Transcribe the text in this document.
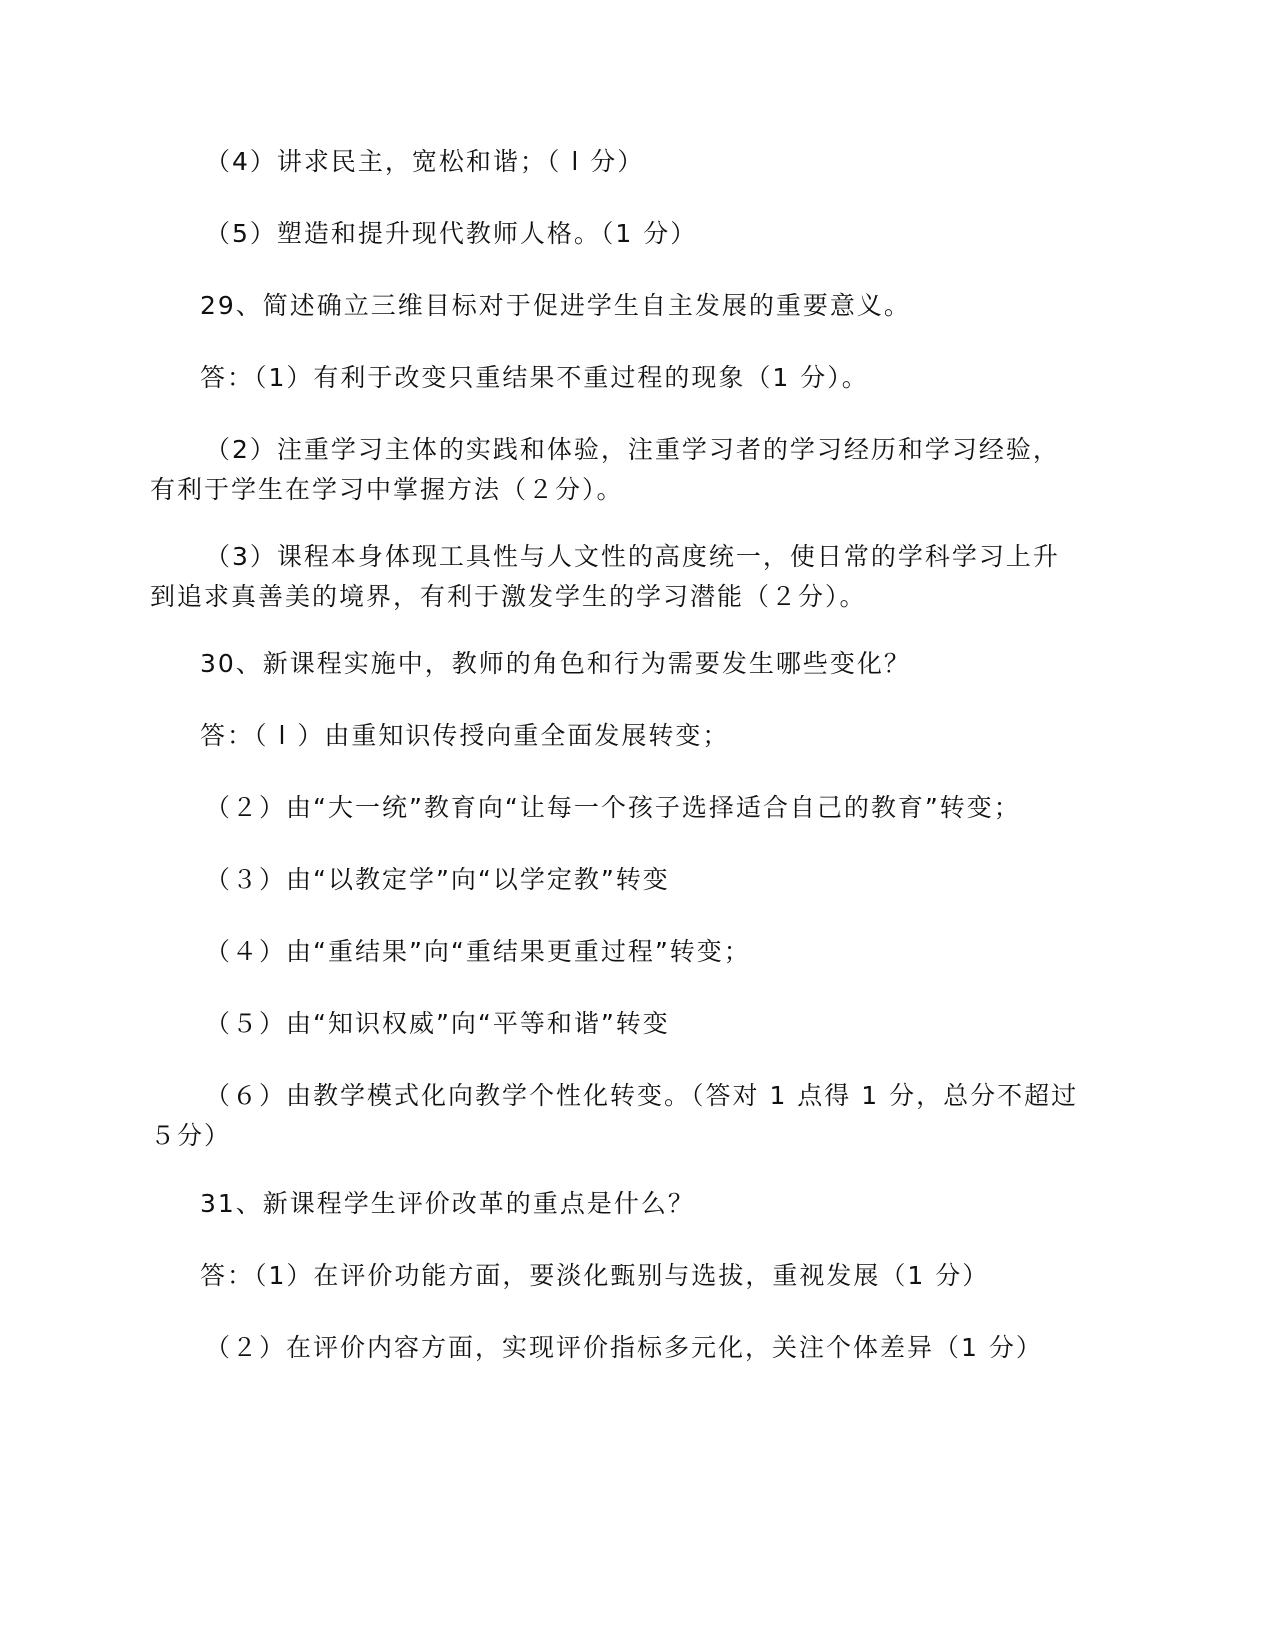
（4）讲求民主，宽松和谐；（ l 分）
（5）塑造和提升现代教师人格。（1 分）
29、简述确立三维目标对于促进学生自主发展的重要意义。
答：（1）有利于改变只重结果不重过程的现象（1 分）。
（2）注重学习主体的实践和体验，注重学习者的学习经历和学习经验，
有利于学生在学习中掌握方法（２分）。
（3）课程本身体现工具性与人文性的高度统一，使日常的学科学习上升
到追求真善美的境界，有利于激发学生的学习潜能（２分）。
30、新课程实施中，教师的角色和行为需要发生哪些变化？
答：（ l ）由重知识传授向重全面发展转变；
（２）由“大一统”教育向“让每一个孩子选择适合自己的教育”转变；
（３）由“以教定学”向“以学定教”转变
（４）由“重结果”向“重结果更重过程”转变；
（５）由“知识权威”向“平等和谐”转变
（６）由教学模式化向教学个性化转变。（答对 1 点得 1 分，总分不超过
５分）
31、新课程学生评价改革的重点是什么？
答：（1）在评价功能方面，要淡化甄别与选拔，重视发展（1 分）
（２）在评价内容方面，实现评价指标多元化，关注个体差异（1 分）
